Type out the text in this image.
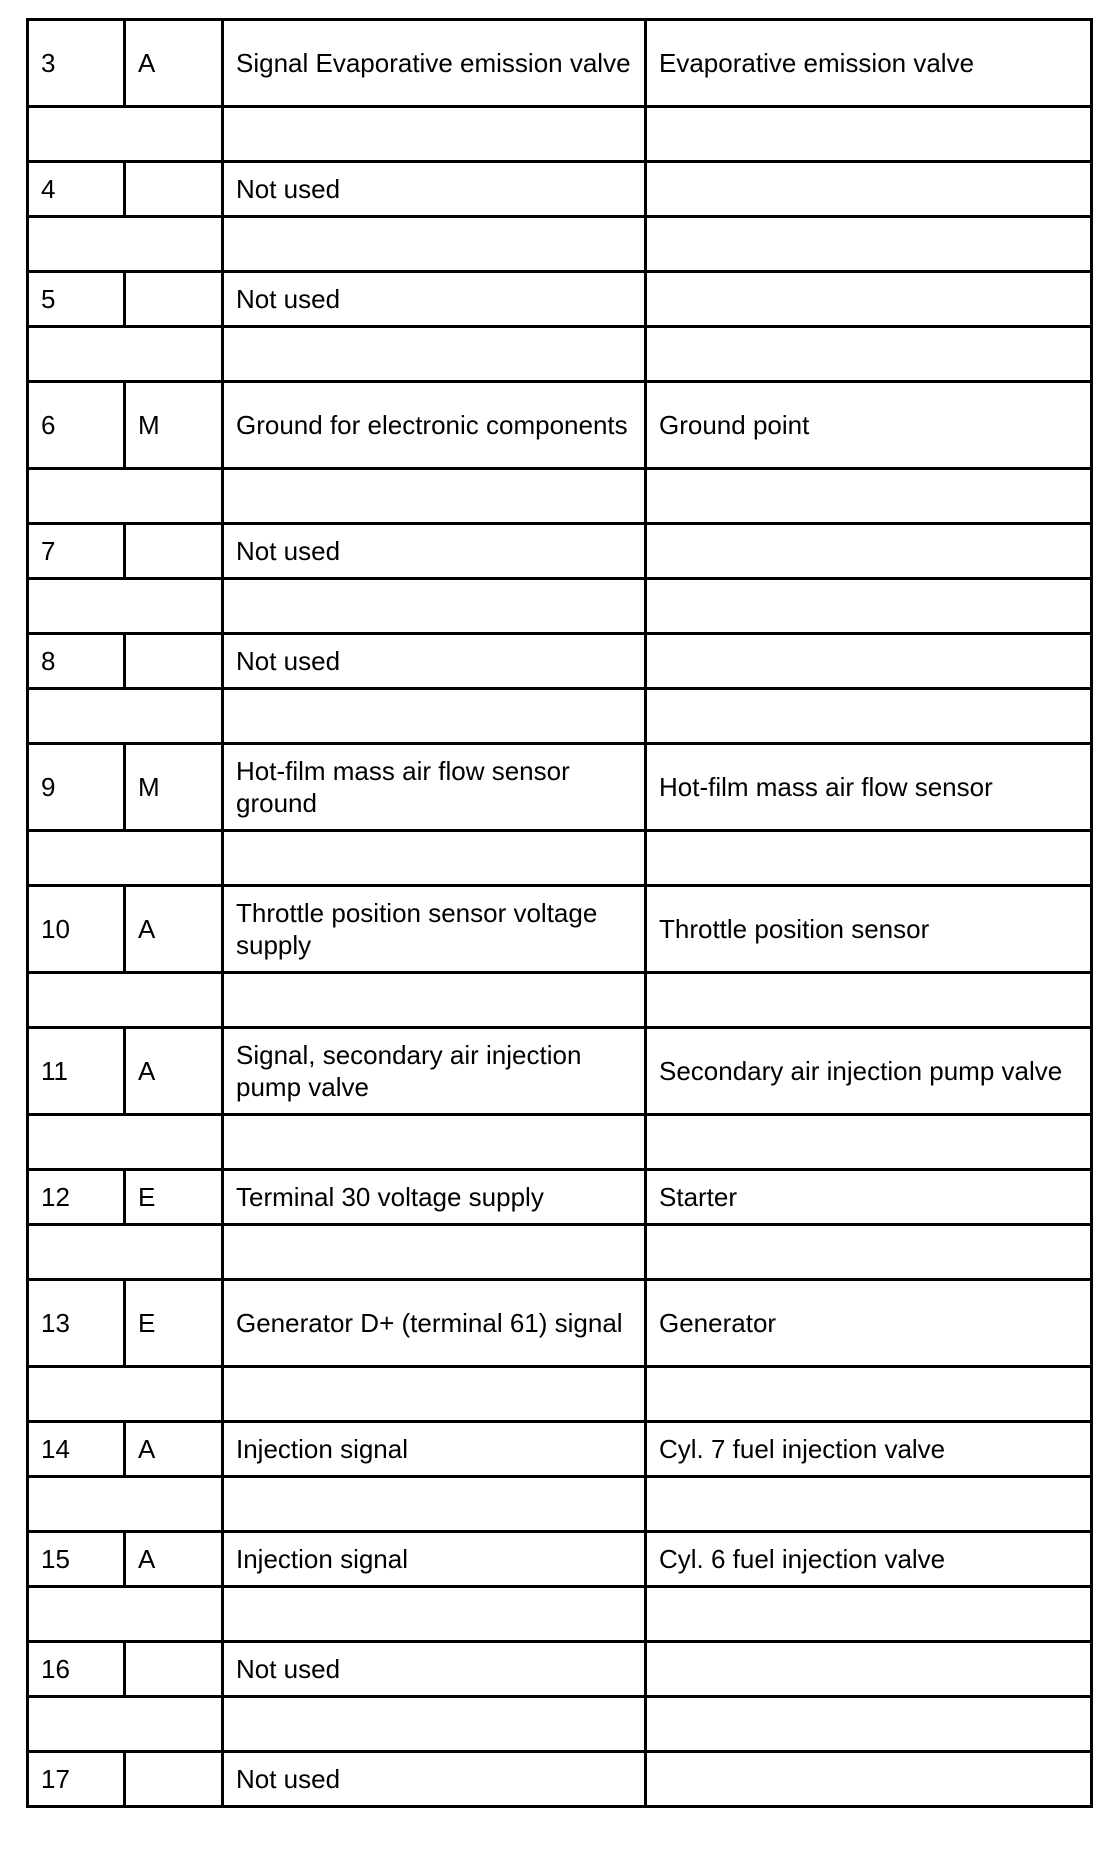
3	A	Signal Evaporative emission valve	Evaporative emission valve

4		Not used	

5		Not used	

6	M	Ground for electronic components	Ground point

7		Not used	

8		Not used	

9	M	Hot-film mass air flow sensor ground	Hot-film mass air flow sensor

10	A	Throttle position sensor voltage supply	Throttle position sensor

11	A	Signal, secondary air injection pump valve	Secondary air injection pump valve

12	E	Terminal 30 voltage supply	Starter

13	E	Generator D+ (terminal 61) signal	Generator

14	A	Injection signal	Cyl. 7 fuel injection valve

15	A	Injection signal	Cyl. 6 fuel injection valve

16		Not used	

17		Not used	
